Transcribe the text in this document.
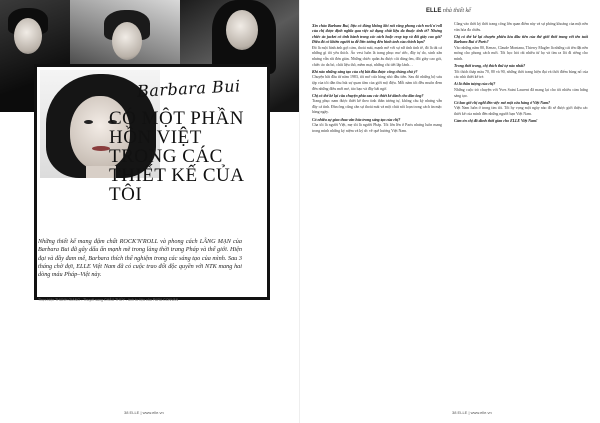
Barbara Bui
CÓ MỘT PHẦN HỒN VIỆT TRONG CÁC THIẾT KẾ CỦA TÔI
Những thiết kế mang đậm chất ROCK'N'ROLL và phong cách LÃNG MẠN của Barbara Bui đã gây dấu ấn mạnh mẽ trong làng thời trang Pháp và thế giới. Hiện đại và đầy đam mê, Barbara thích thể nghiệm trong các sáng tạo của mình. Sau 3 tháng chờ đợi, ELLE Việt Nam đã có cuộc trao đổi độc quyền với NTK mang hai dòng máu Pháp–Việt này.
Thực hiện THANH GIANG - Thuyết sang CHÂU THÚY - ảnh tư liệu của PARA CONVAN
38 ELLE | www.elle.vn
ELLE nhà thiết kế
Xin chào Barbara Bui, liệu có đúng không khi nói rằng phong cách rock'n'roll của chị được định nghĩa qua việc sử dụng chất liệu da thuộc tinh tế? Nhưng chiếc áo jacket có tinh hành trong các cách hoặc crop top và đôi giày cao gót? Điều đó có khiến người ta dễ liên tưởng đến hình ảnh của chính bạn?
Đó là một hình ảnh gợi cảm, thoải mái, mạnh mẽ với sự nữ tính tinh tế, đó là tất cả những gì tôi yêu thích. Áo vest luôn là trang phục mơ ước, đầy tự do, xinh xắn nhưng vẫn rất đơn giản. Những chiếc quần âu được cắt dáng ôm, đôi giày cao gót, chiếc áo da bó, chất liệu thô, mềm mại, những chi tiết lấp lánh…
Khi nào những sáng tạo của chị bắt đầu được công chúng chú ý?
Chuyện bắt đầu từ năm 1983, tôi mở cửa hàng nhỏ đầu tiên. Sau đó những bộ sưu tập của tôi dần thu hút sự quan tâm của giới mộ điệu. Mỗi năm tôi đều muốn đem đến những điều mới mẻ, táo bạo và đầy bất ngờ.
Chị có thể kể lại câu chuyện phía sau các thiết kế dành cho đàn ông?
Trang phục nam được thiết kế theo tinh thần tương tự, không cầu kỳ nhưng vẫn đầy cá tính. Đàn ông cũng cần sự thoải mái và một chút nổi loạn trong cách ăn mặc hàng ngày.
Có nhiều sự giao thoa văn hóa trong sáng tạo của chị?
Cha tôi là người Việt, mẹ tôi là người Pháp. Tôi lớn lên ở Paris nhưng luôn mang trong mình những kỷ niệm và ký ức về quê hương Việt Nam.
Cũng vào thời kỳ thời trang công lớn quan điểm này và sự phóng khoáng của một nền văn hóa đa chiều.
Chị có thể kể lại chuyến phiêu lưu đầu tiên của thế giới thời trang với tên tuổi Barbara Bui ở Paris?
Vào những năm 80, Kenzo, Claude Montana, Thierry Mugler là những cái tên đặt nền móng cho phong cách mới. Tôi học hỏi rất nhiều từ họ và tìm ra lối đi riêng cho mình.
Trong thời trang, chị thích thứ tự nào nhất?
Tôi thích tháp màu 70, 80 và 90, những thời trang hiện đại và thời điểm bùng nổ của các nhà thiết kế trẻ.
Ai là thần tượng của chị?
Những cuộc trò chuyện với Yves Saint Laurent đã mang lại cho tôi nhiều cảm hứng sáng tạo.
Có bao giờ chị nghĩ đến việc mở một cửa hàng ở Việt Nam?
Việt Nam luôn ở trong tim tôi. Tôi hy vọng một ngày nào đó sẽ được giới thiệu các thiết kế của mình đến những người bạn Việt Nam.
Cảm ơn chị đã dành thời gian cho ELLE Việt Nam!
38 ELLE | www.elle.vn
